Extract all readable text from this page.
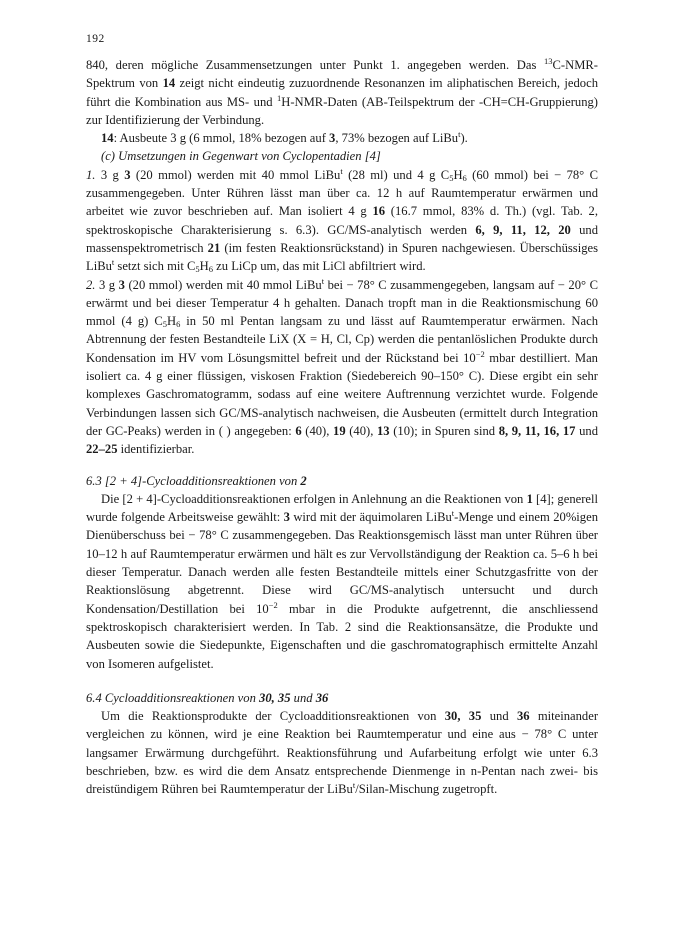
192

840, deren mögliche Zusammensetzungen unter Punkt 1. angegeben werden. Das $^{13}$C-NMR-Spektrum von 14 zeigt nicht eindeutig zuzuordnende Resonanzen im aliphatischen Bereich, jedoch führt die Kombination aus MS- und $^1$H-NMR-Daten (AB-Teilspektrum der -CH=CH-Gruppierung) zur Identifizierung der Verbindung.

14: Ausbeute 3 g (6 mmol, 18% bezogen auf 3, 73% bezogen auf LiBu$^t$).

(c) Umsetzungen in Gegenwart von Cyclopentadien [4]

1. 3 g 3 (20 mmol) werden mit 40 mmol LiBu$^t$ (28 ml) und 4 g $C_5H_6$ (60 mmol) bei − 78° C zusammengegeben. Unter Rühren lässt man über ca. 12 h auf Raumtemperatur erwärmen und arbeitet wie zuvor beschrieben auf. Man isoliert 4 g 16 (16.7 mmol, 83% d. Th.) (vgl. Tab. 2, spektroskopische Charakterisierung s. 6.3). GC/MS-analytisch werden 6, 9, 11, 12, 20 und massenspektrometrisch 21 (im festen Reaktionsrückstand) in Spuren nachgewiesen. Überschüssiges LiBu$^t$ setzt sich mit $C_5H_6$ zu LiCp um, das mit LiCl abfiltriert wird.

2. 3 g 3 (20 mmol) werden mit 40 mmol LiBu$^t$ bei − 78° C zusammengegeben, langsam auf − 20° C erwärmt und bei dieser Temperatur 4 h gehalten. Danach tropft man in die Reaktionsmischung 60 mmol (4 g) $C_5H_6$ in 50 ml Pentan langsam zu und lässt auf Raumtemperatur erwärmen. Nach Abtrennung der festen Bestandteile LiX (X = H, Cl, Cp) werden die pentanlöslichen Produkte durch Kondensation im HV vom Lösungsmittel befreit und der Rückstand bei $10^{-2}$ mbar destilliert. Man isoliert ca. 4 g einer flüssigen, viskosen Fraktion (Siedebereich 90–150° C). Diese ergibt ein sehr komplexes Gaschromatogramm, sodass auf eine weitere Auftrennung verzichtet wurde. Folgende Verbindungen lassen sich GC/MS-analytisch nachweisen, die Ausbeuten (ermittelt durch Integration der GC-Peaks) werden in ( ) angegeben: 6 (40), 19 (40), 13 (10); in Spuren sind 8, 9, 11, 16, 17 und 22–25 identifizierbar.

6.3 [2 + 4]-Cycloadditionsreaktionen von 2

Die [2 + 4]-Cycloadditionsreaktionen erfolgen in Anlehnung an die Reaktionen von 1 [4]; generell wurde folgende Arbeitsweise gewählt: 3 wird mit der äquimolaren LiBu$^t$-Menge und einem 20%igen Dienüberschuss bei − 78° C zusammengegeben. Das Reaktionsgemisch lässt man unter Rühren über 10–12 h auf Raumtemperatur erwärmen und hält es zur Vervollständigung der Reaktion ca. 5–6 h bei dieser Temperatur. Danach werden alle festen Bestandteile mittels einer Schutzgasfritte von der Reaktionslösung abgetrennt. Diese wird GC/MS-analytisch untersucht und durch Kondensation/Destillation bei $10^{-2}$ mbar in die Produkte aufgetrennt, die anschliessend spektroskopisch charakterisiert werden. In Tab. 2 sind die Reaktionsansätze, die Produkte und Ausbeuten sowie die Siedepunkte, Eigenschaften und die gaschromatographisch ermittelte Anzahl von Isomeren aufgelistet.

6.4 Cycloadditionsreaktionen von 30, 35 und 36

Um die Reaktionsprodukte der Cycloadditionsreaktionen von 30, 35 und 36 miteinander vergleichen zu können, wird je eine Reaktion bei Raumtemperatur und eine aus − 78° C unter langsamer Erwärmung durchgeführt. Reaktionsführung und Aufarbeitung erfolgt wie unter 6.3 beschrieben, bzw. es wird die dem Ansatz entsprechende Dienmenge in n-Pentan nach zwei- bis dreistündigem Rühren bei Raumtemperatur der LiBu$^t$/Silan-Mischung zugetropft.
